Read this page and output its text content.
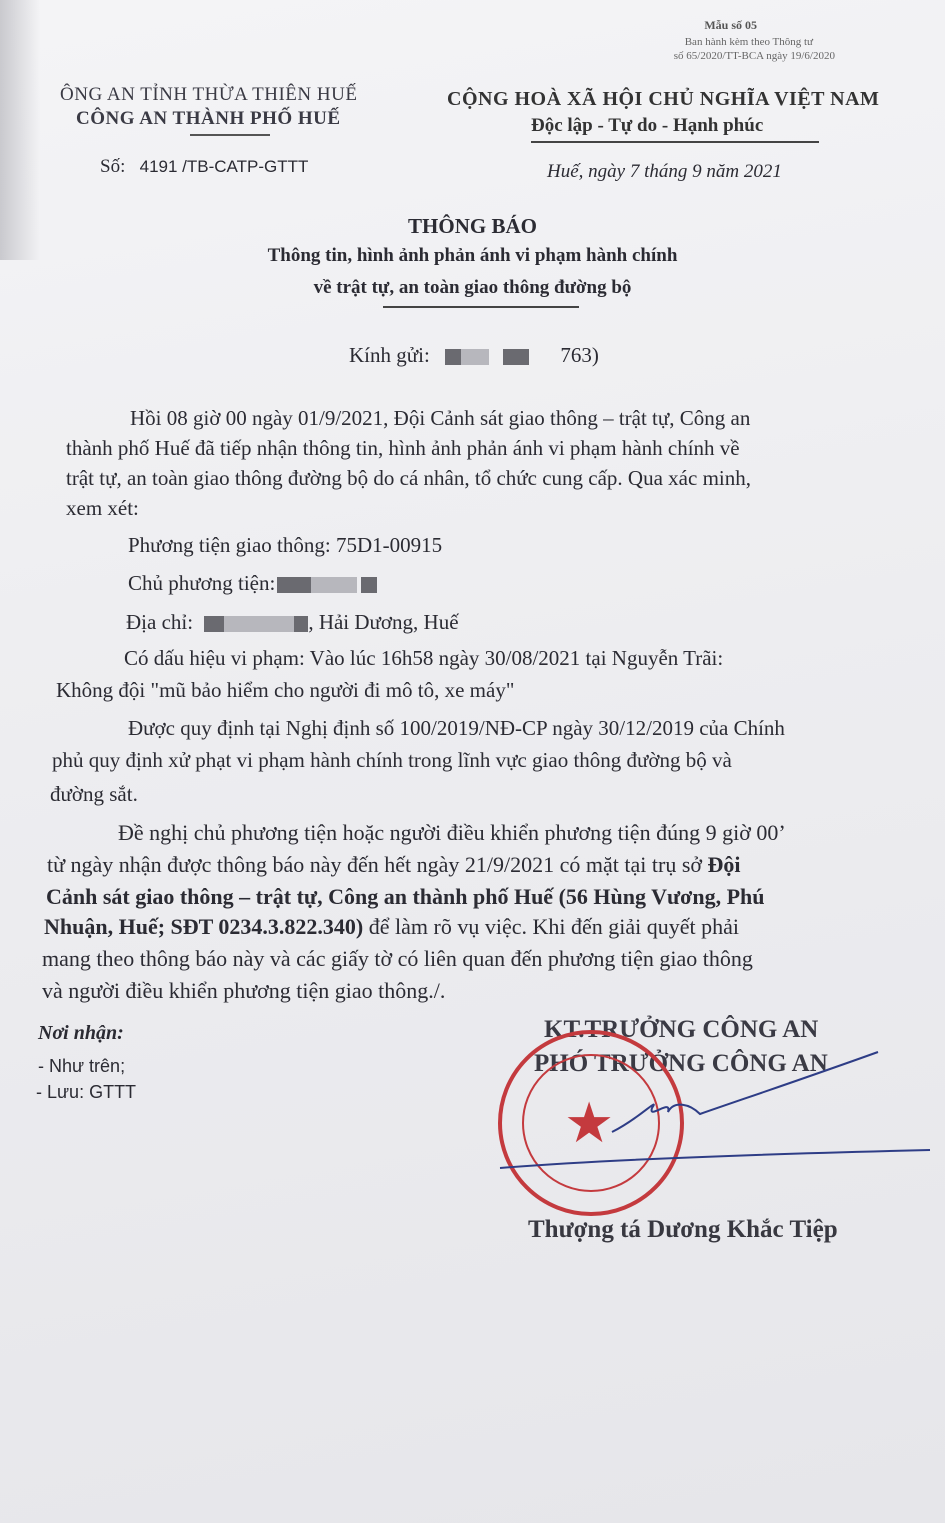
Mẫu số 05
Ban hành kèm theo Thông tư
số 65/2020/TT-BCA ngày 19/6/2020
ÔNG AN TỈNH THỪA THIÊN HUẾ
CÔNG AN THÀNH PHỐ HUẾ
CỘNG HOÀ XÃ HỘI CHỦ NGHĨA VIỆT NAM
Độc lập - Tự do - Hạnh phúc
Số: 4191 /TB-CATP-GTTT	Huế, ngày 7 tháng 9 năm 2021
THÔNG BÁO
Thông tin, hình ảnh phản ánh vi phạm hành chính
về trật tự, an toàn giao thông đường bộ
Kính gửi:	763)
Hồi 08 giờ 00 ngày 01/9/2021, Đội Cảnh sát giao thông – trật tự, Công an
thành phố Huế đã tiếp nhận thông tin, hình ảnh phản ánh vi phạm hành chính về
trật tự, an toàn giao thông đường bộ do cá nhân, tổ chức cung cấp. Qua xác minh,
xem xét:
Phương tiện giao thông: 75D1-00915
Chủ phương tiện:
Địa chỉ:	, Hải Dương, Huế
Có dấu hiệu vi phạm: Vào lúc 16h58 ngày 30/08/2021 tại Nguyễn Trãi:
Không đội "mũ bảo hiểm cho người đi mô tô, xe máy"
Được quy định tại Nghị định số 100/2019/NĐ-CP ngày 30/12/2019 của Chính
phủ quy định xử phạt vi phạm hành chính trong lĩnh vực giao thông đường bộ và
đường sắt.
Đề nghị chủ phương tiện hoặc người điều khiển phương tiện đúng 9 giờ 00’
từ ngày nhận được thông báo này đến hết ngày 21/9/2021 có mặt tại trụ sở Đội
Cảnh sát giao thông – trật tự, Công an thành phố Huế (56 Hùng Vương, Phú
Nhuận, Huế; SĐT 0234.3.822.340) để làm rõ vụ việc. Khi đến giải quyết phải
mang theo thông báo này và các giấy tờ có liên quan đến phương tiện giao thông
và người điều khiển phương tiện giao thông./.
Nơi nhận:
- Như trên;
- Lưu: GTTT
KT.TRƯỞNG CÔNG AN
PHÓ TRƯỞNG CÔNG AN
★
Thượng tá Dương Khắc Tiệp
